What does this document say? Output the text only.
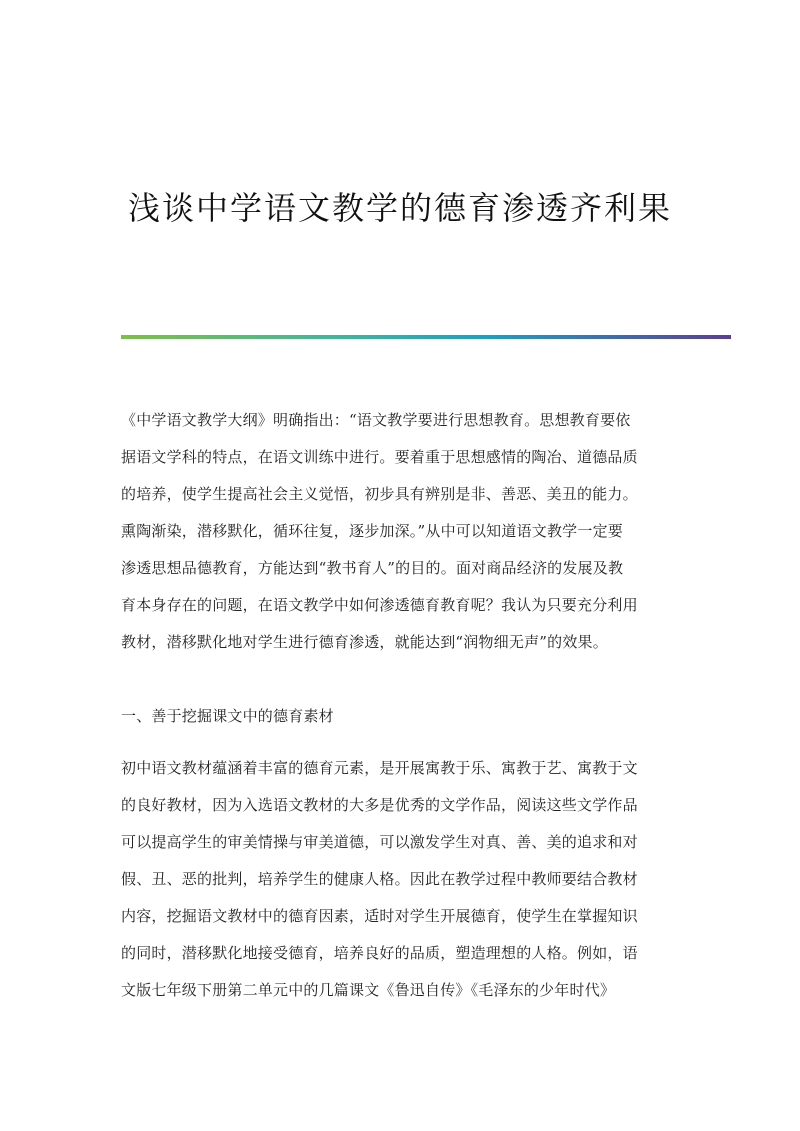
浅谈中学语文教学的德育渗透齐利果
《中学语文教学大纲》明确指出：“语文教学要进行思想教育。思想教育要依
据语文学科的特点，在语文训练中进行。要着重于思想感情的陶冶、道德品质
的培养，使学生提高社会主义觉悟，初步具有辨别是非、善恶、美丑的能力。
熏陶渐染，潜移默化，循环往复，逐步加深。”从中可以知道语文教学一定要
渗透思想品德教育，方能达到“教书育人”的目的。面对商品经济的发展及教
育本身存在的问题，在语文教学中如何渗透德育教育呢？我认为只要充分利用
教材，潜移默化地对学生进行德育渗透，就能达到“润物细无声”的效果。
一、善于挖掘课文中的德育素材
初中语文教材蕴涵着丰富的德育元素，是开展寓教于乐、寓教于艺、寓教于文
的良好教材，因为入选语文教材的大多是优秀的文学作品，阅读这些文学作品
可以提高学生的审美情操与审美道德，可以激发学生对真、善、美的追求和对
假、丑、恶的批判，培养学生的健康人格。因此在教学过程中教师要结合教材
内容，挖掘语文教材中的德育因素，适时对学生开展德育，使学生在掌握知识
的同时，潜移默化地接受德育，培养良好的品质，塑造理想的人格。例如，语
文版七年级下册第二单元中的几篇课文《鲁迅自传》《毛泽东的少年时代》
